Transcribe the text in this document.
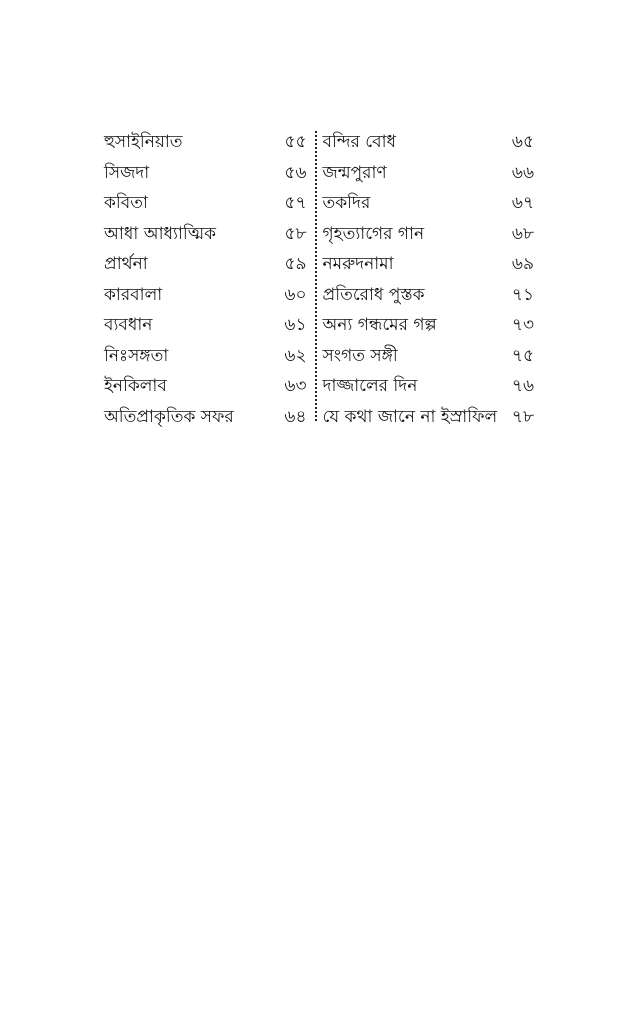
হুসাইনিয়াত	৫৫
সিজদা	৫৬
কবিতা	৫৭
আধা আধ্যাত্মিক	৫৮
প্রার্থনা	৫৯
কারবালা	৬০
ব্যবধান	৬১
নিঃসঙ্গতা	৬২
ইনকিলাব	৬৩
অতিপ্রাকৃতিক সফর	৬৪
বন্দির বোধ	৬৫
জন্মপুরাণ	৬৬
তকদির	৬৭
গৃহত্যাগের গান	৬৮
নমরুদনামা	৬৯
প্রতিরোধ পুস্তক	৭১
অন্য গন্ধমের গল্প	৭৩
সংগত সঙ্গী	৭৫
দাজ্জালের দিন	৭৬
যে কথা জানে না ইস্রাফিল ৭৮
